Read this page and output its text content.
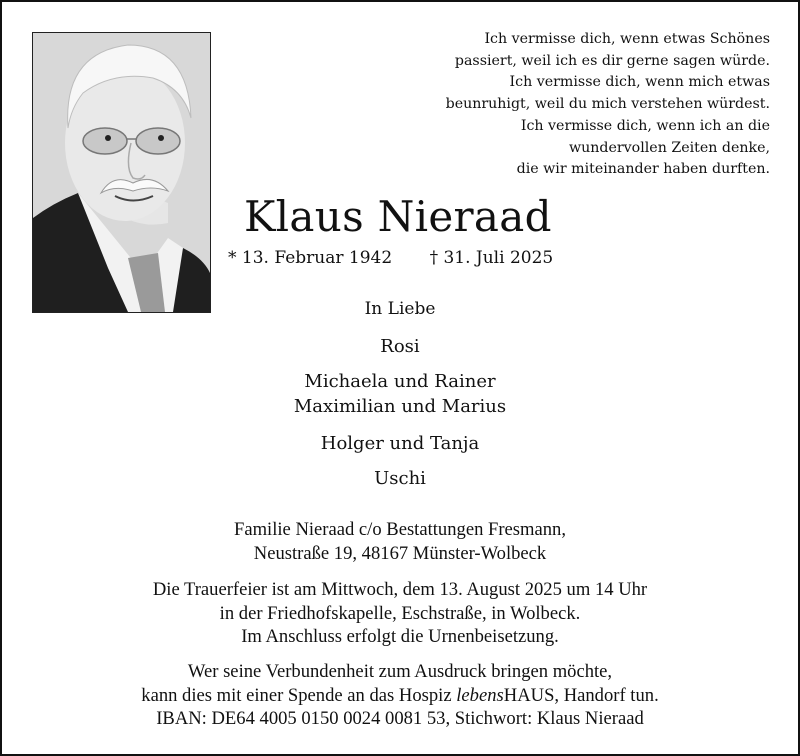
Ich vermisse dich, wenn etwas Schönes
passiert, weil ich es dir gerne sagen würde.
Ich vermisse dich, wenn mich etwas
beunruhigt, weil du mich verstehen würdest.
Ich vermisse dich, wenn ich an die
wundervollen Zeiten denke,
die wir miteinander haben durften.
Klaus Nieraad
* 13. Februar 1942 † 31. Juli 2025
In Liebe
Rosi
Michaela und Rainer
Maximilian und Marius
Holger und Tanja
Uschi
Familie Nieraad c/o Bestattungen Fresmann,
Neustraße 19, 48167 Münster-Wolbeck
Die Trauerfeier ist am Mittwoch, dem 13. August 2025 um 14 Uhr
in der Friedhofskapelle, Eschstraße, in Wolbeck.
Im Anschluss erfolgt die Urnenbeisetzung.
Wer seine Verbundenheit zum Ausdruck bringen möchte,
kann dies mit einer Spende an das Hospiz lebensHAUS, Handorf tun.
IBAN: DE64 4005 0150 0024 0081 53, Stichwort: Klaus Nieraad
